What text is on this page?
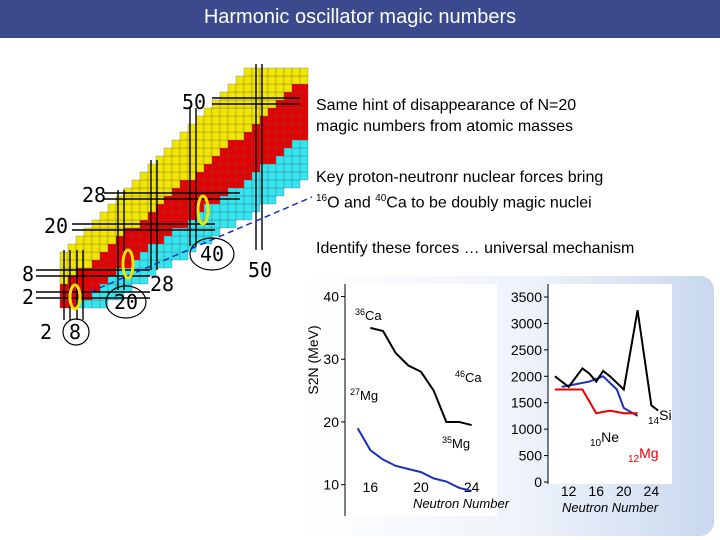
Harmonic oscillator magic numbers
50
28
20
8
2
2 8
20
28
40
50
Same hint of disappearance of N=20
magic numbers from atomic masses
Key proton-neutronr nuclear forces bring
$^{16}$O and $^{40}$Ca to be doubly magic nuclei
Identify these forces … universal mechanism
40
30
20
10 16	20	24
Neutron Number
S2N (MeV)
$^{36}$Ca
$^{46}$Ca
$^{27}$Mg
$^{35}$Mg
3500
3000
2500
2000
1500
1000
500
0
12 16 20 24
Neutron Number
$_{14}$Si
$_{10}$Ne
$_{12}$Mg
